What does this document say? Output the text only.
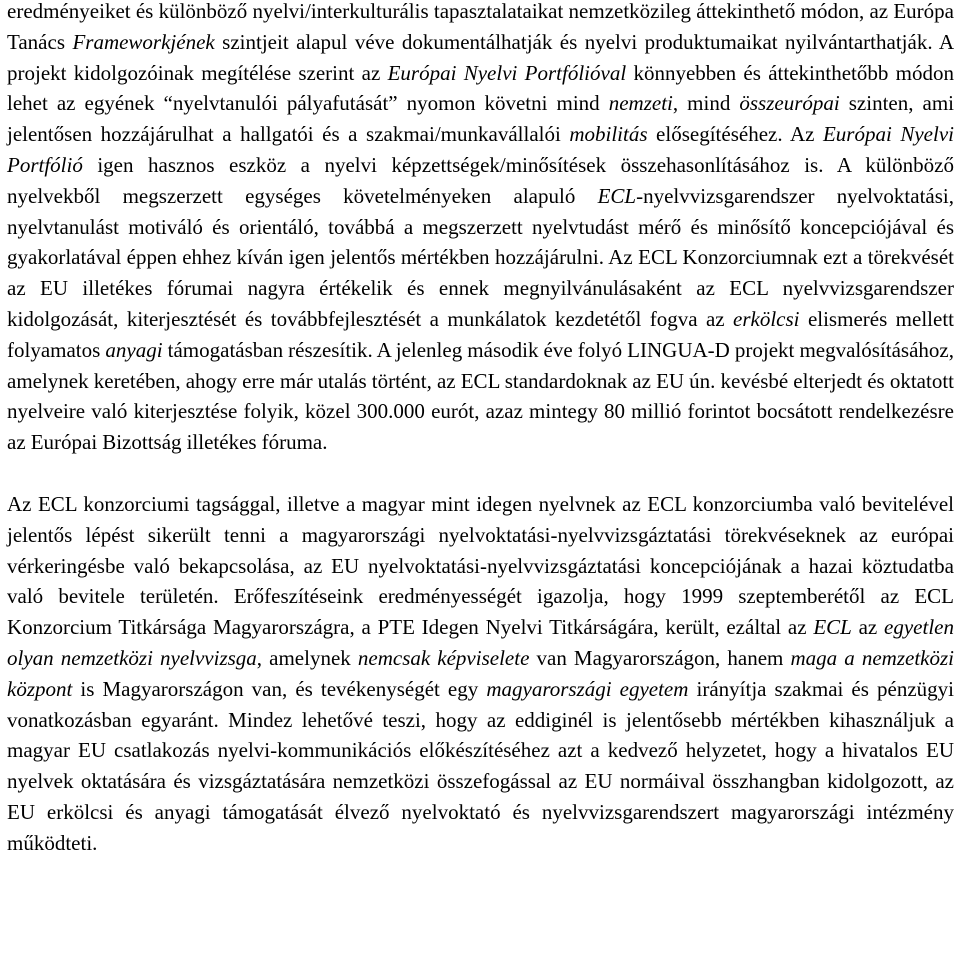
eredményeiket és különböző nyelvi/interkulturális tapasztalataikat nemzetközileg áttekinthető módon, az Európa Tanács Frameworkjének szintjeit alapul véve dokumentálhatják és nyelvi produktumaikat nyilvántarthatják. A projekt kidolgozóinak megítélése szerint az Európai Nyelvi Portfólióval könnyebben és áttekinthetőbb módon lehet az egyének “nyelvtanulói pályafutását” nyomon követni mind nemzeti, mind összeurópai szinten, ami jelentősen hozzájárulhat a hallgatói és a szakmai/munkavállalói mobilitás elősegítéséhez. Az Európai Nyelvi Portfólió igen hasznos eszköz a nyelvi képzettségek/minősítések összehasonlításához is. A különböző nyelvekből megszerzett egységes követelményeken alapuló ECL-nyelvvizsgarendszer nyelvoktatási, nyelvtanulást motiváló és orientáló, továbbá a megszerzett nyelvtudást mérő és minősítő koncepciójával és gyakorlatával éppen ehhez kíván igen jelentős mértékben hozzájárulni. Az ECL Konzorciumnak ezt a törekvését az EU illetékes fórumai nagyra értékelik és ennek megnyilvánulásaként az ECL nyelvvizsgarendszer kidolgozását, kiterjesztését és továbbfejlesztését a munkálatok kezdetétől fogva az erkölcsi elismerés mellett folyamatos anyagi támogatásban részesítik. A jelenleg második éve folyó LINGUA-D projekt megvalósításához, amelynek keretében, ahogy erre már utalás történt, az ECL standardoknak az EU ún. kevésbé elterjedt és oktatott nyelveire való kiterjesztése folyik, közel 300.000 eurót, azaz mintegy 80 millió forintot bocsátott rendelkezésre az Európai Bizottság illetékes fóruma.

Az ECL konzorciumi tagsággal, illetve a magyar mint idegen nyelvnek az ECL konzorciumba való bevitelével jelentős lépést sikerült tenni a magyarországi nyelvoktatási-nyelvvizsgáztatási törekvéseknek az európai vérkeringésbe való bekapcsolása, az EU nyelvoktatási-nyelvvizsgáztatási koncepciójának a hazai köztudatba való bevitele területén. Erőfeszítéseink eredményességét igazolja, hogy 1999 szeptemberétől az ECL Konzorcium Titkársága Magyarországra, a PTE Idegen Nyelvi Titkárságára, került, ezáltal az ECL az egyetlen olyan nemzetközi nyelvvizsga, amelynek nemcsak képviselete van Magyarországon, hanem maga a nemzetközi központ is Magyarországon van, és tevékenységét egy magyarországi egyetem irányítja szakmai és pénzügyi vonatkozásban egyaránt. Mindez lehetővé teszi, hogy az eddiginél is jelentősebb mértékben kihasználjuk a magyar EU csatlakozás nyelvi-kommunikációs előkészítéséhez azt a kedvező helyzetet, hogy a hivatalos EU nyelvek oktatására és vizsgáztatására nemzetközi összefogással az EU normáival összhangban kidolgozott, az EU erkölcsi és anyagi támogatását élvező nyelvoktató és nyelvvizsgarendszert magyarországi intézmény működteti.
